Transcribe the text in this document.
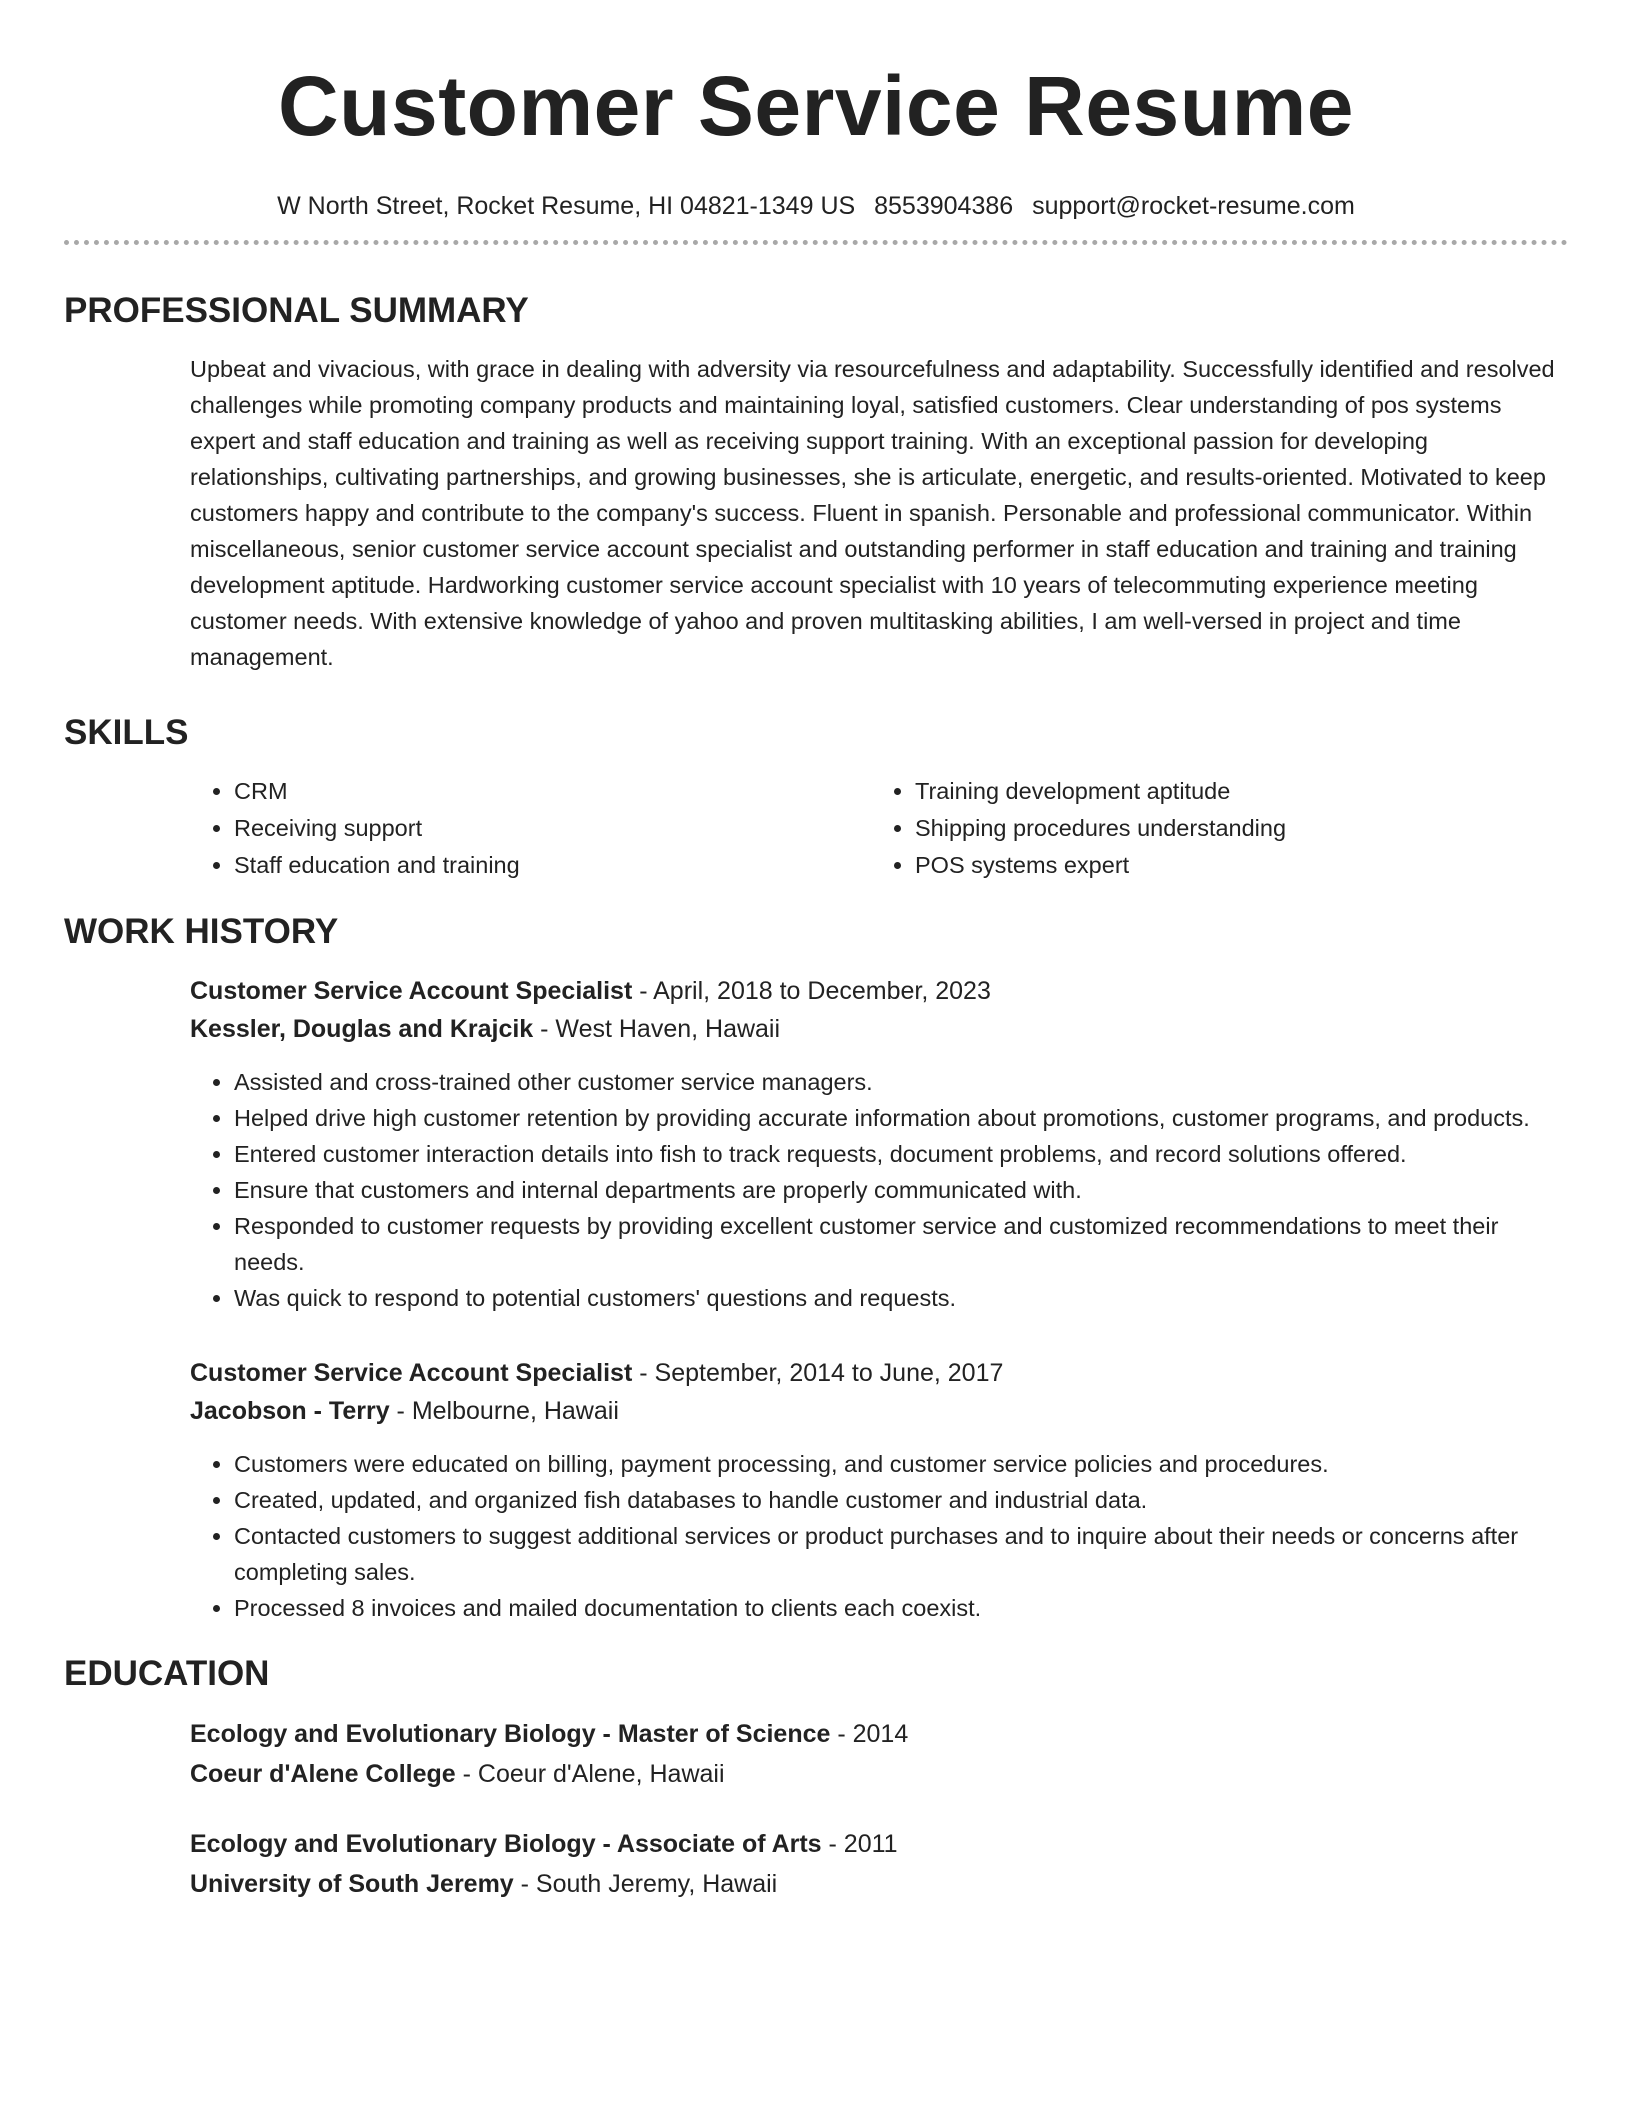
Customer Service Resume
W North Street, Rocket Resume, HI 04821-1349 US 8553904386 support@rocket-resume.com
PROFESSIONAL SUMMARY
Upbeat and vivacious, with grace in dealing with adversity via resourcefulness and adaptability. Successfully identified and resolved challenges while promoting company products and maintaining loyal, satisfied customers. Clear understanding of pos systems expert and staff education and training as well as receiving support training. With an exceptional passion for developing relationships, cultivating partnerships, and growing businesses, she is articulate, energetic, and results-oriented. Motivated to keep customers happy and contribute to the company's success. Fluent in spanish. Personable and professional communicator. Within miscellaneous, senior customer service account specialist and outstanding performer in staff education and training and training development aptitude. Hardworking customer service account specialist with 10 years of telecommuting experience meeting customer needs. With extensive knowledge of yahoo and proven multitasking abilities, I am well-versed in project and time management.
SKILLS
• CRM
• Receiving support
• Staff education and training
• Training development aptitude
• Shipping procedures understanding
• POS systems expert
WORK HISTORY
Customer Service Account Specialist - April, 2018 to December, 2023
Kessler, Douglas and Krajcik - West Haven, Hawaii
• Assisted and cross-trained other customer service managers.
• Helped drive high customer retention by providing accurate information about promotions, customer programs, and products.
• Entered customer interaction details into fish to track requests, document problems, and record solutions offered.
• Ensure that customers and internal departments are properly communicated with.
• Responded to customer requests by providing excellent customer service and customized recommendations to meet their needs.
• Was quick to respond to potential customers' questions and requests.
Customer Service Account Specialist - September, 2014 to June, 2017
Jacobson - Terry - Melbourne, Hawaii
• Customers were educated on billing, payment processing, and customer service policies and procedures.
• Created, updated, and organized fish databases to handle customer and industrial data.
• Contacted customers to suggest additional services or product purchases and to inquire about their needs or concerns after completing sales.
• Processed 8 invoices and mailed documentation to clients each coexist.
EDUCATION
Ecology and Evolutionary Biology - Master of Science - 2014
Coeur d'Alene College - Coeur d'Alene, Hawaii
Ecology and Evolutionary Biology - Associate of Arts - 2011
University of South Jeremy - South Jeremy, Hawaii
